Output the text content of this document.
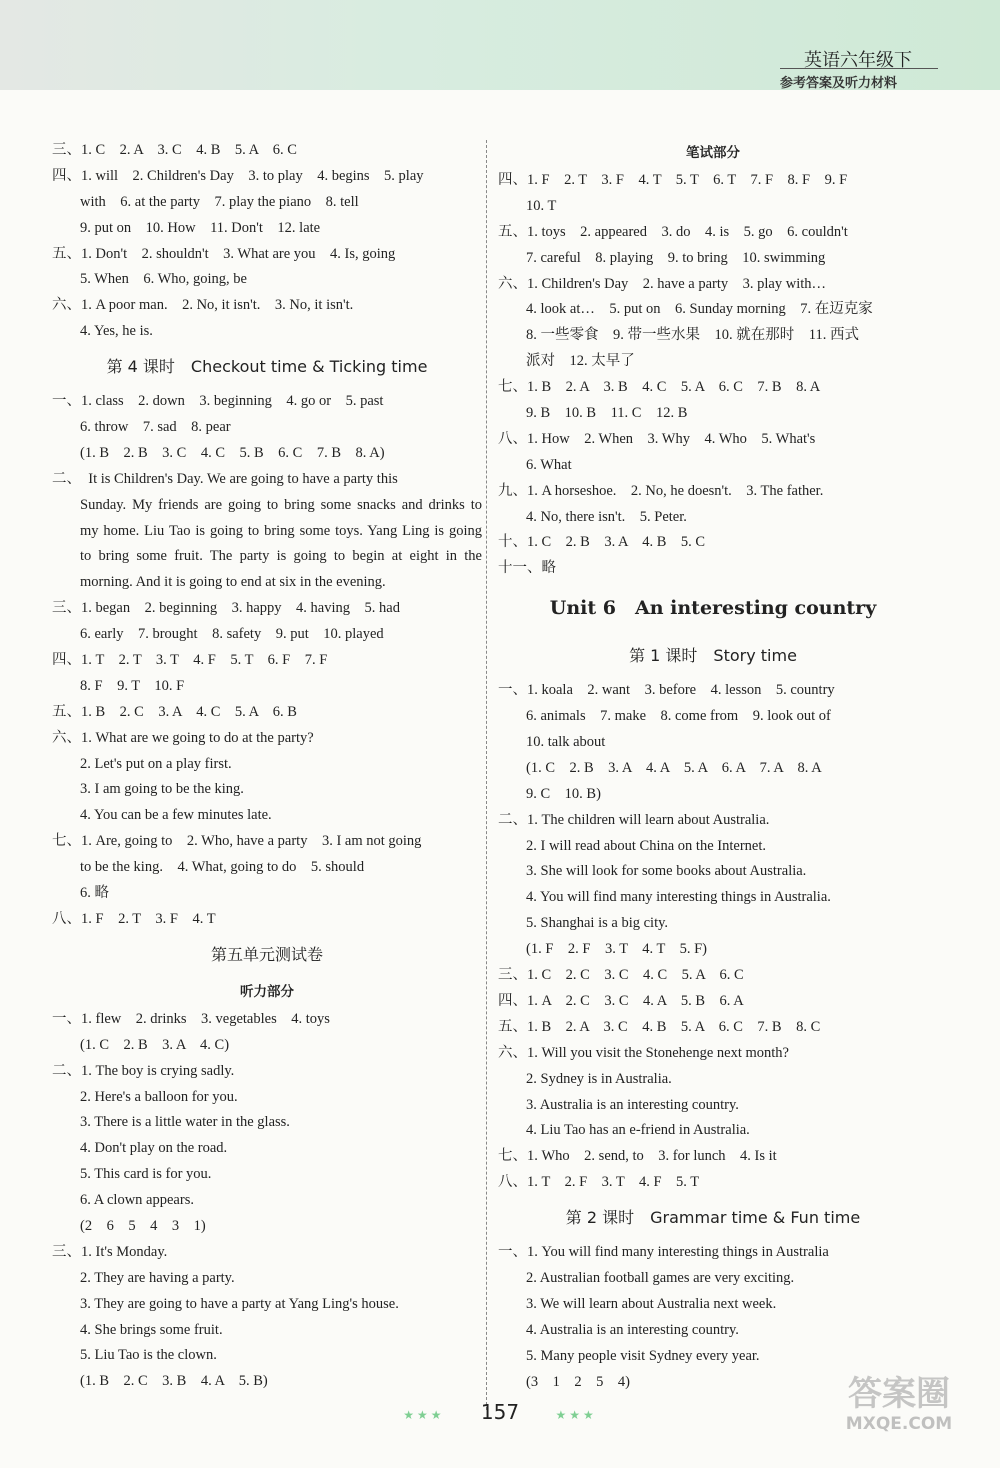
英语六年级下
参考答案及听力材料
三、1. C　2. A　3. C　4. B　5. A　6. C
四、1. will　2. Children's Day　3. to play　4. begins　5. play
with　6. at the party　7. play the piano　8. tell
9. put on　10. How　11. Don't　12. late
五、1. Don't　2. shouldn't　3. What are you　4. Is, going
5. When　6. Who, going, be
六、1. A poor man.　2. No, it isn't.　3. No, it isn't.
4. Yes, he is.
第 4 课时　Checkout time & Ticking time
一、1. class　2. down　3. beginning　4. go or　5. past
6. throw　7. sad　8. pear
(1. B　2. B　3. C　4. C　5. B　6. C　7. B　8. A)
二、　It is Children's Day. We are going to have a party this
Sunday. My friends are going to bring some snacks and drinks to
my home. Liu Tao is going to bring some toys. Yang Ling is going
to bring some fruit. The party is going to begin at eight in the
morning. And it is going to end at six in the evening.
三、1. began　2. beginning　3. happy　4. having　5. had
6. early　7. brought　8. safety　9. put　10. played
四、1. T　2. T　3. T　4. F　5. T　6. F　7. F
8. F　9. T　10. F
五、1. B　2. C　3. A　4. C　5. A　6. B
六、1. What are we going to do at the party?
2. Let's put on a play first.
3. I am going to be the king.
4. You can be a few minutes late.
七、1. Are, going to　2. Who, have a party　3. I am not going
to be the king.　4. What, going to do　5. should
6. 略
八、1. F　2. T　3. F　4. T
第五单元测试卷
听力部分
一、1. flew　2. drinks　3. vegetables　4. toys
(1. C　2. B　3. A　4. C)
二、1. The boy is crying sadly.
2. Here's a balloon for you.
3. There is a little water in the glass.
4. Don't play on the road.
5. This card is for you.
6. A clown appears.
(2　6　5　4　3　1)
三、1. It's Monday.
2. They are having a party.
3. They are going to have a party at Yang Ling's house.
4. She brings some fruit.
5. Liu Tao is the clown.
(1. B　2. C　3. B　4. A　5. B)
笔试部分
四、1. F　2. T　3. F　4. T　5. T　6. T　7. F　8. F　9. F
10. T
五、1. toys　2. appeared　3. do　4. is　5. go　6. couldn't
7. careful　8. playing　9. to bring　10. swimming
六、1. Children's Day　2. have a party　3. play with…
4. look at…　5. put on　6. Sunday morning　7. 在迈克家
8. 一些零食　9. 带一些水果　10. 就在那时　11. 西式
派对　12. 太早了
七、1. B　2. A　3. B　4. C　5. A　6. C　7. B　8. A
9. B　10. B　11. C　12. B
八、1. How　2. When　3. Why　4. Who　5. What's
6. What
九、1. A horseshoe.　2. No, he doesn't.　3. The father.
4. No, there isn't.　5. Peter.
十、1. C　2. B　3. A　4. B　5. C
十一、略
Unit 6　An interesting country
第 1 课时　Story time
一、1. koala　2. want　3. before　4. lesson　5. country
6. animals　7. make　8. come from　9. look out of
10. talk about
(1. C　2. B　3. A　4. A　5. A　6. A　7. A　8. A
9. C　10. B)
二、1. The children will learn about Australia.
2. I will read about China on the Internet.
3. She will look for some books about Australia.
4. You will find many interesting things in Australia.
5. Shanghai is a big city.
(1. F　2. F　3. T　4. T　5. F)
三、1. C　2. C　3. C　4. C　5. A　6. C
四、1. A　2. C　3. C　4. A　5. B　6. A
五、1. B　2. A　3. C　4. B　5. A　6. C　7. B　8. C
六、1. Will you visit the Stonehenge next month?
2. Sydney is in Australia.
3. Australia is an interesting country.
4. Liu Tao has an e-friend in Australia.
七、1. Who　2. send, to　3. for lunch　4. Is it
八、1. T　2. F　3. T　4. F　5. T
第 2 课时　Grammar time & Fun time
一、1. You will find many interesting things in Australia
2. Australian football games are very exciting.
3. We will learn about Australia next week.
4. Australia is an interesting country.
5. Many people visit Sydney every year.
(3　1　2　5　4)
★★★ 157	★★★
答案圈
MXQE.COM
